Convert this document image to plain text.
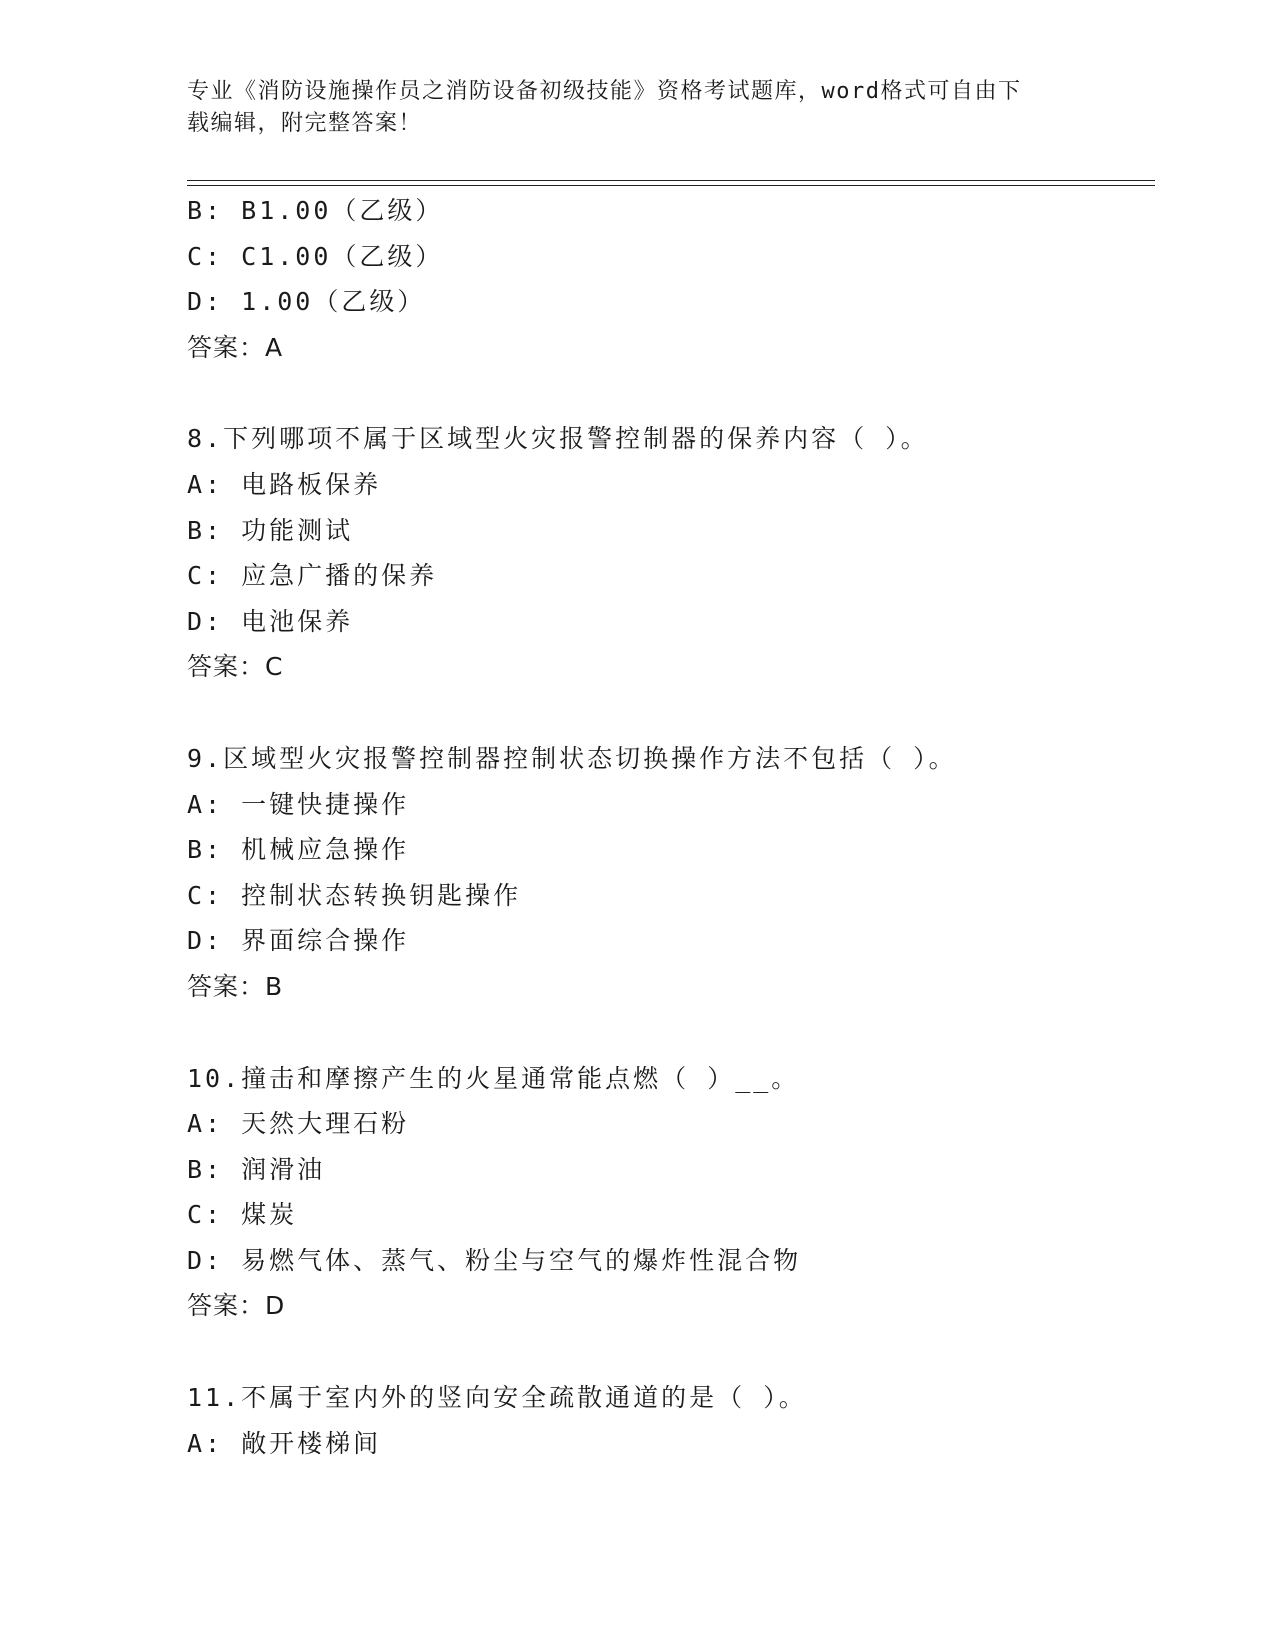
专业《消防设施操作员之消防设备初级技能》资格考试题库，word格式可自由下
载编辑，附完整答案！
B: B1.00（乙级）
C: C1.00（乙级）
D: 1.00（乙级）
答案：A
8.下列哪项不属于区域型火灾报警控制器的保养内容（ ）。
A: 电路板保养
B: 功能测试
C: 应急广播的保养
D: 电池保养
答案：C
9.区域型火灾报警控制器控制状态切换操作方法不包括（ ）。
A: 一键快捷操作
B: 机械应急操作
C: 控制状态转换钥匙操作
D: 界面综合操作
答案：B
10.撞击和摩擦产生的火星通常能点燃（ ）__。
A: 天然大理石粉
B: 润滑油
C: 煤炭
D: 易燃气体、蒸气、粉尘与空气的爆炸性混合物
答案：D
11.不属于室内外的竖向安全疏散通道的是（ ）。
A: 敞开楼梯间
